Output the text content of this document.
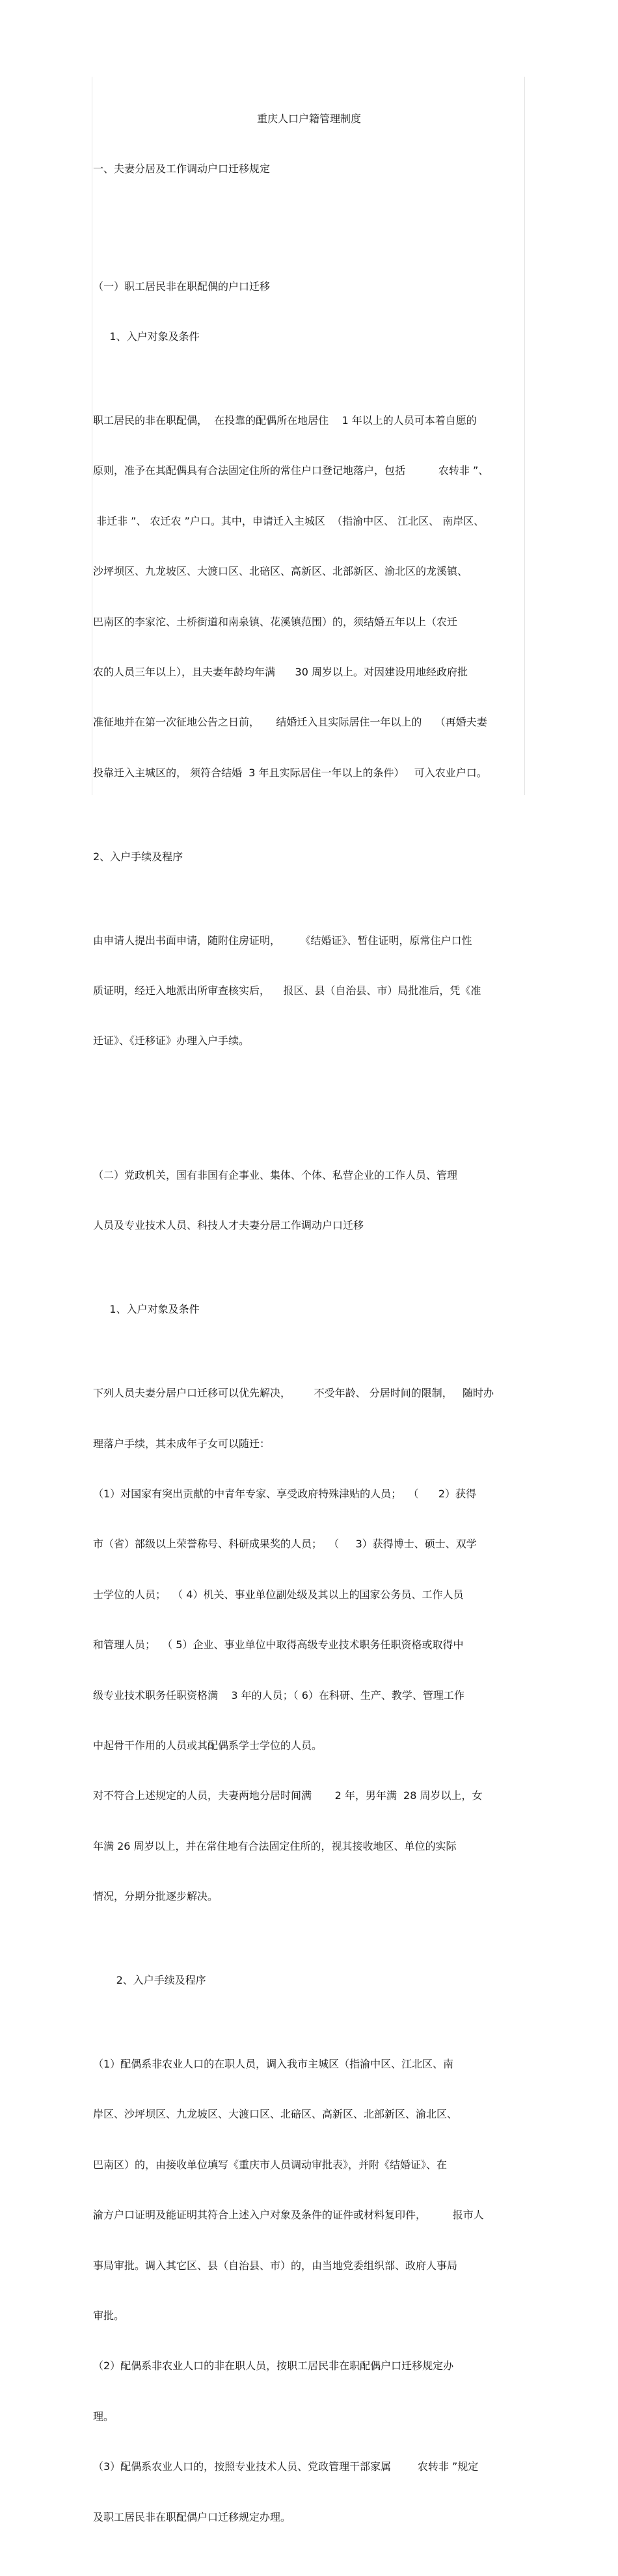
重庆人口户籍管理制度

一、夫妻分居及工作调动户口迁移规定

（一）职工居民非在职配偶的户口迁移

1、入户对象及条件

职工居民的非在职配偶，  在投靠的配偶所在地居住    1 年以上的人员可本着自愿的

原则，准予在其配偶具有合法固定住所的常住户口登记地落户，包括          农转非 ”、

非迁非 ”、 农迁农 ”户口。其中，申请迁入主城区  （指渝中区、 江北区、 南岸区、

沙坪坝区、九龙坡区、大渡口区、北碚区、高新区、北部新区、渝北区的龙溪镇、

巴南区的李家沱、土桥街道和南泉镇、花溪镇范围）的，须结婚五年以上（农迁

农的人员三年以上），且夫妻年龄均年满      30 周岁以上。对因建设用地经政府批

准征地并在第一次征地公告之日前，     结婚迁入且实际居住一年以上的    （再婚夫妻

投靠迁入主城区的， 须符合结婚  3 年且实际居住一年以上的条件）   可入农业户口。

2、入户手续及程序

由申请人提出书面申请，随附住房证明，      《结婚证》、暂住证明，原常住户口性

质证明，经迁入地派出所审查核实后，    报区、县（自治县、市）局批准后，凭《准

迁证》、《迁移证》办理入户手续。

（二）党政机关，国有非国有企事业、集体、个体、私营企业的工作人员、管理

人员及专业技术人员、科技人才夫妻分居工作调动户口迁移

1、入户对象及条件

下列人员夫妻分居户口迁移可以优先解决，       不受年龄、 分居时间的限制，   随时办

理落户手续，其未成年子女可以随迁：

（1）对国家有突出贡献的中青年专家、享受政府特殊津贴的人员；  （      2）获得

市（省）部级以上荣誉称号、科研成果奖的人员；  （     3）获得博士、硕士、双学

士学位的人员；  （ 4）机关、事业单位副处级及其以上的国家公务员、工作人员

和管理人员；  （ 5）企业、事业单位中取得高级专业技术职务任职资格或取得中

级专业技术职务任职资格满    3 年的人员；（ 6）在科研、生产、教学、管理工作

中起骨干作用的人员或其配偶系学士学位的人员。

对不符合上述规定的人员，夫妻两地分居时间满       2 年，男年满  28 周岁以上，女

年满 26 周岁以上，并在常住地有合法固定住所的，视其接收地区、单位的实际

情况，分期分批逐步解决。

2、入户手续及程序

（1）配偶系非农业人口的在职人员，调入我市主城区（指渝中区、江北区、南

岸区、沙坪坝区、九龙坡区、大渡口区、北碚区、高新区、北部新区、渝北区、

巴南区）的，由接收单位填写《重庆市人员调动审批表》，并附《结婚证》、在

渝方户口证明及能证明其符合上述入户对象及条件的证件或材料复印件，        报市人

事局审批。调入其它区、县（自治县、市）的，由当地党委组织部、政府人事局

审批。

（2）配偶系非农业人口的非在职人员，按职工居民非在职配偶户口迁移规定办

理。

（3）配偶系农业人口的，按照专业技术人员、党政管理干部家属        农转非 ”规定

及职工居民非在职配偶户口迁移规定办理。
